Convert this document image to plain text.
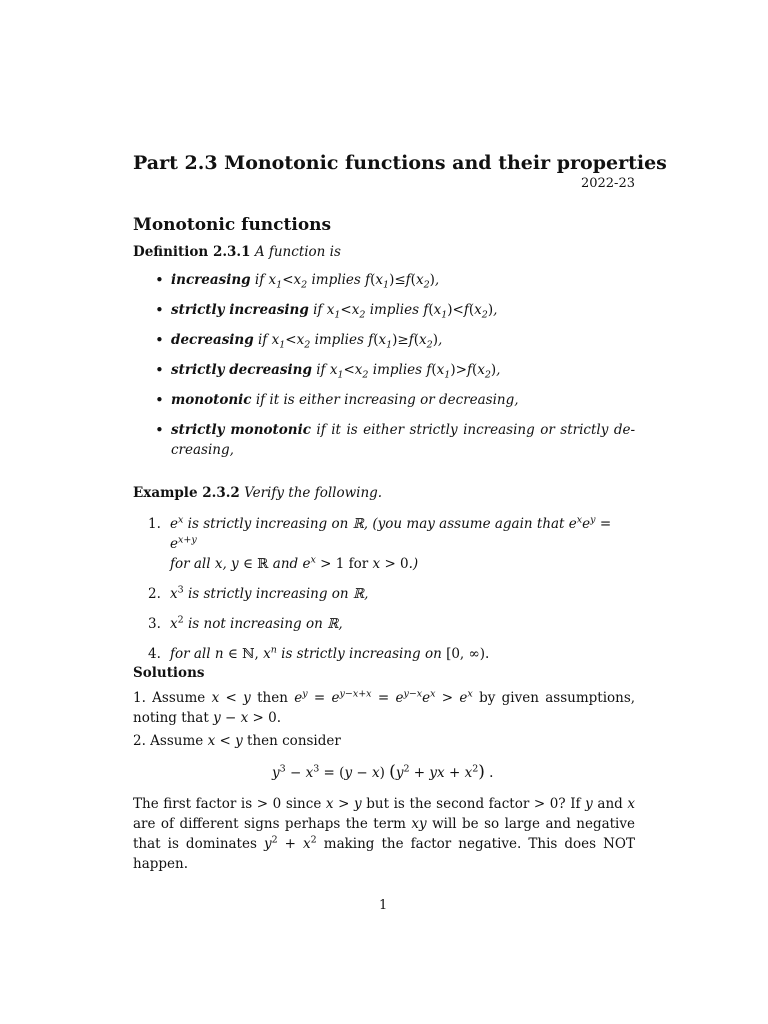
Part 2.3 Monotonic functions and their properties
2022-23
Monotonic functions
Definition 2.3.1 A function is
• increasing if $x_1<x_2$ implies $f(x_1)\le f(x_2)$,
• strictly increasing if $x_1<x_2$ implies $f(x_1)<f(x_2)$,
• decreasing if $x_1<x_2$ implies $f(x_1)\ge f(x_2)$,
• strictly decreasing if $x_1<x_2$ implies $f(x_1)>f(x_2)$,
• monotonic if it is either increasing or decreasing,
• strictly monotonic if it is either strictly increasing or strictly de-creasing,
Example 2.3.2 Verify the following.
1. $e^x$ is strictly increasing on ℝ, (you may assume again that $e^xe^y = e^{x+y}$
for all x, y ∈ ℝ and $e^x > 1$ for x > 0.)
2. $x^3$ is strictly increasing on ℝ,
3. $x^2$ is not increasing on ℝ,
4. for all n ∈ ℕ, $x^n$ is strictly increasing on [0, ∞).
Solutions
1. Assume x < y then $e^y = e^{y-x+x} = e^{y-x}e^x > e^x$ by given assumptions, noting that y − x > 0.
2. Assume x < y then consider
$y^3 - x^3 = (y - x) (y^2$ + yx + $x^2$) .
The first factor is > 0 since x > y but is the second factor > 0? If y and x are of different signs perhaps the term xy will be so large and negative that is dominates $y^2 + x^2$ making the factor negative. This does NOT happen.
1
